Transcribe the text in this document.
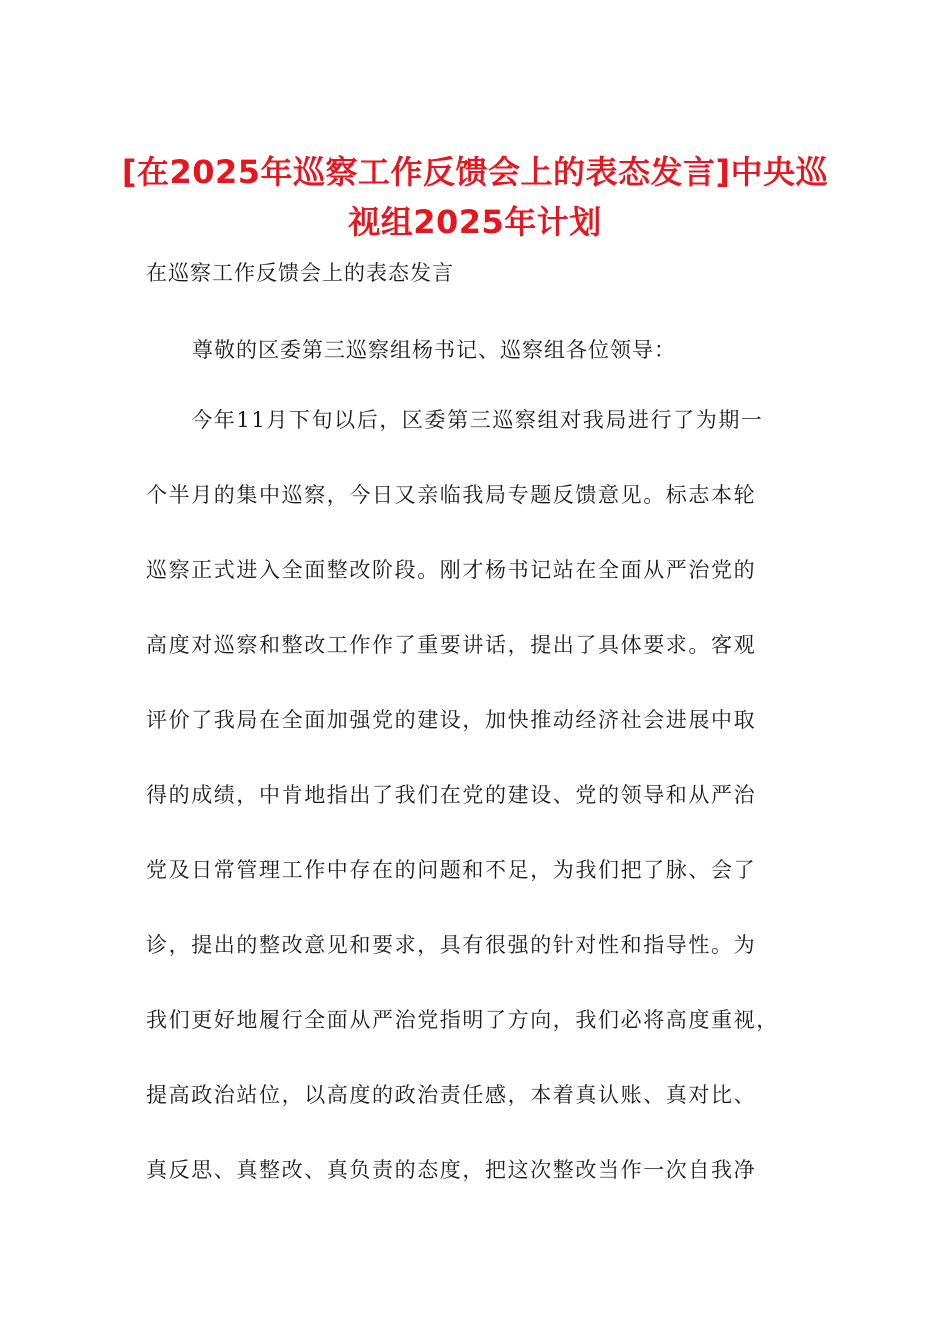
[在2025年巡察工作反馈会上的表态发言]中央巡视组2025年计划
在巡察工作反馈会上的表态发言
尊敬的区委第三巡察组杨书记、巡察组各位领导：
　　今年11月下旬以后，区委第三巡察组对我局进行了为期一
个半月的集中巡察，今日又亲临我局专题反馈意见。标志本轮
巡察正式进入全面整改阶段。刚才杨书记站在全面从严治党的
高度对巡察和整改工作作了重要讲话，提出了具体要求。客观
评价了我局在全面加强党的建设，加快推动经济社会进展中取
得的成绩，中肯地指出了我们在党的建设、党的领导和从严治
党及日常管理工作中存在的问题和不足，为我们把了脉、会了
诊，提出的整改意见和要求，具有很强的针对性和指导性。为
我们更好地履行全面从严治党指明了方向，我们必将高度重视，
提高政治站位，以高度的政治责任感，本着真认账、真对比、
真反思、真整改、真负责的态度，把这次整改当作一次自我净
